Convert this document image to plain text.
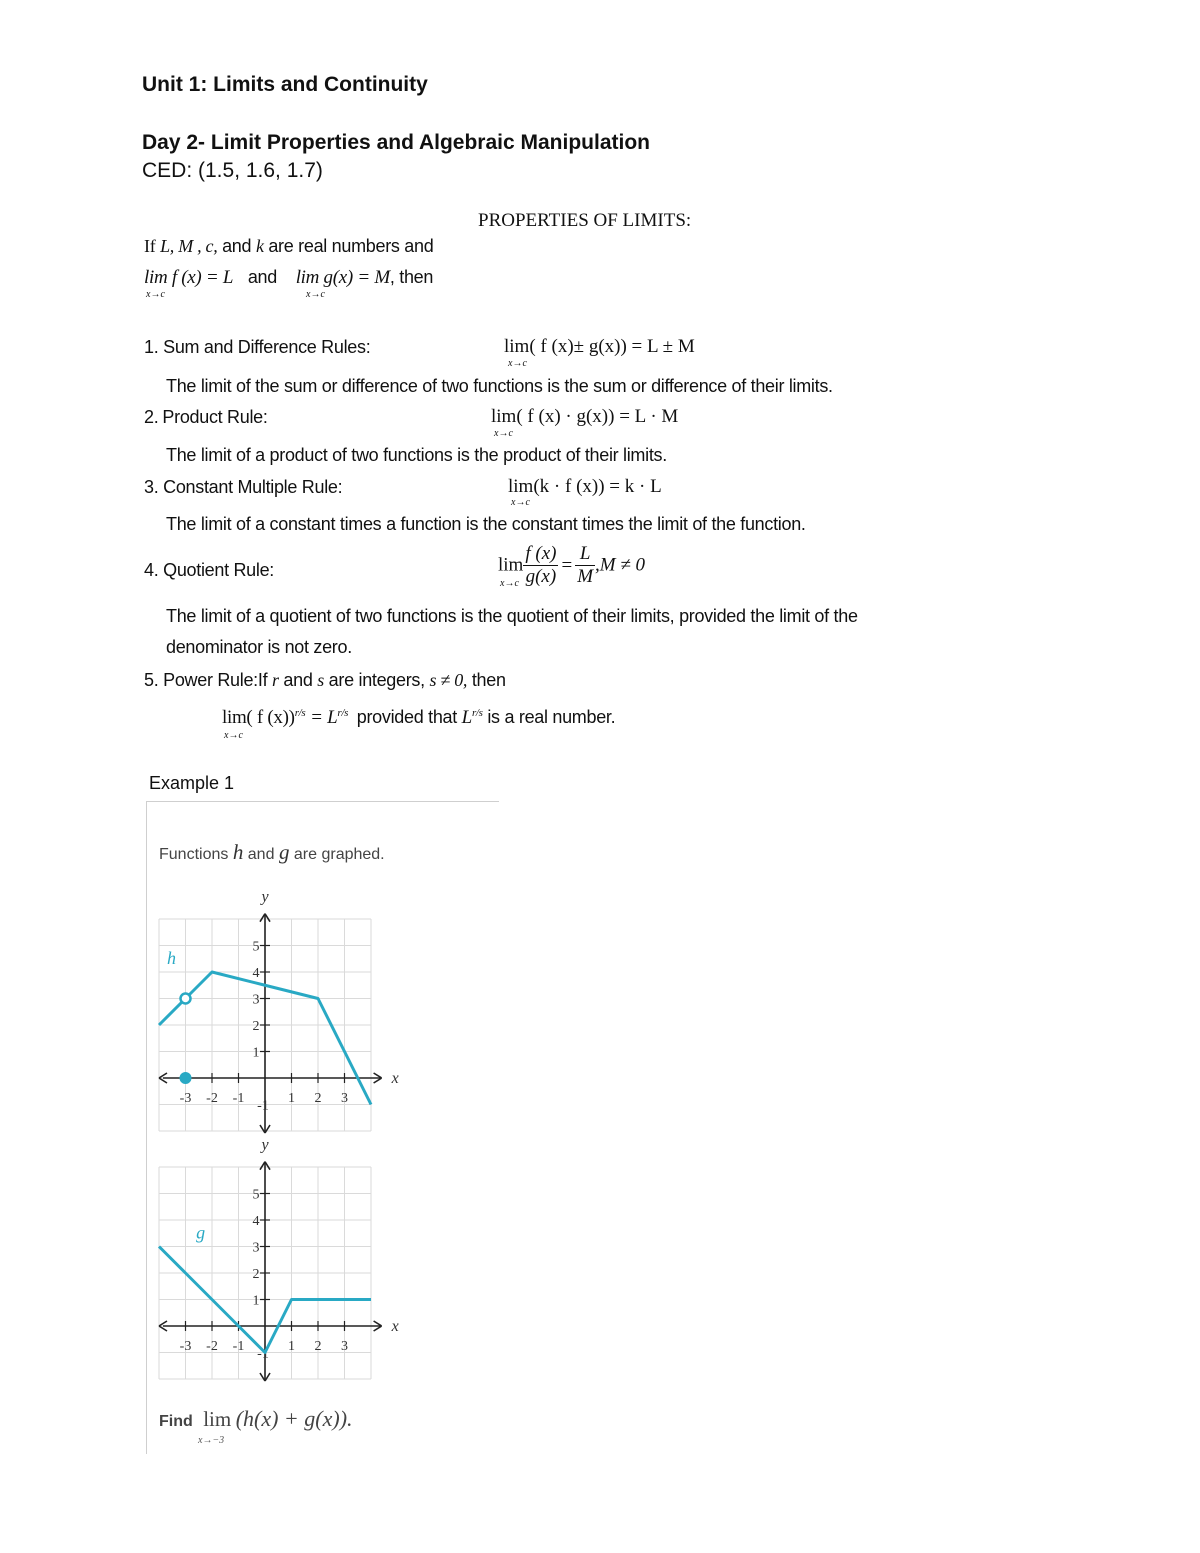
Unit 1: Limits and Continuity
Day 2- Limit Properties and Algebraic Manipulation
CED: (1.5, 1.6, 1.7)
PROPERTIES OF LIMITS:
If L, M , c, and k are real numbers and
lim f (x) = L and lim g(x) = M, then
x→c	x→c
1. Sum and Difference Rules:	lim( f (x)± g(x)) = L ± M
x→c
The limit of the sum or difference of two functions is the sum or difference of their limits.
2. Product Rule:	lim( f (x) · g(x)) = L · M
x→c
The limit of a product of two functions is the product of their limits.
3. Constant Multiple Rule:	lim(k · f (x)) = k · L
x→c
The limit of a constant times a function is the constant times the limit of the function.
4. Quotient Rule:	$\lim \frac{f (x)}{g(x)} = \frac{L}{M} ,M \ne 0$
x→c
The limit of a quotient of two functions is the quotient of their limits, provided the limit of the
denominator is not zero.
5. Power Rule:If r and s are integers, s ≠ 0, then
lim( f $(x))^{r/s} = L^{r/s}$ provided that $L^{r/s}$ is a real number.
x→c
Example 1
Functions h and g are graphed.
-3 -2 -1	1 2 3
5
4
3
2
1
-1
x
y
h
-3 -2 -1	1 2 3
5
4
3
2
1
-1
x
y
g
Find lim (h(x) + g(x)).
x→−3
